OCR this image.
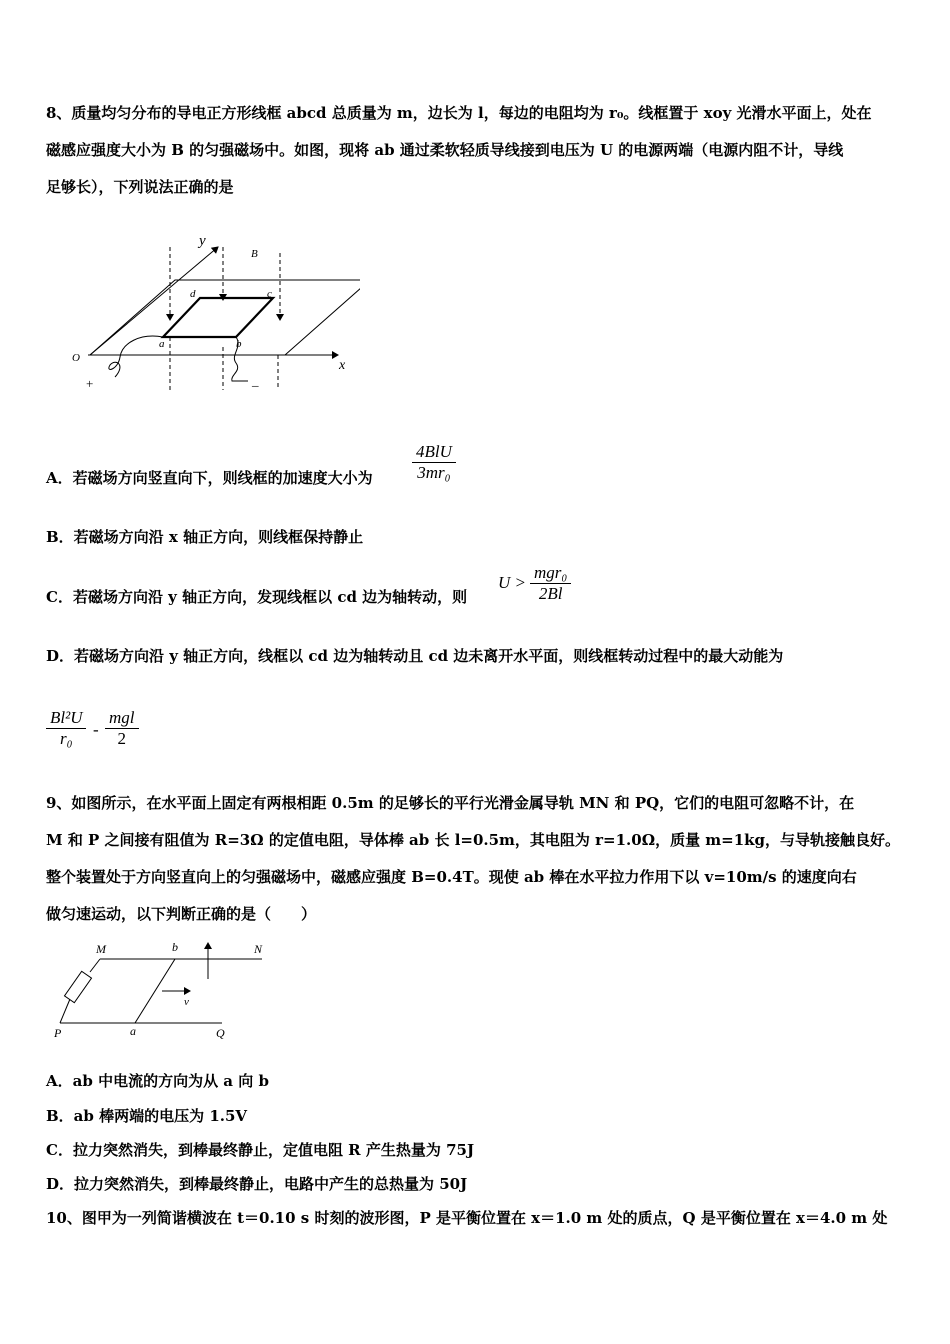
8、质量均匀分布的导电正方形线框 abcd 总质量为 m，边长为 l，每边的电阻均为 r₀。线框置于 xoy 光滑水平面上，处在
磁感应强度大小为 B 的匀强磁场中。如图，现将 ab 通过柔软轻质导线接到电压为 U 的电源两端（电源内阻不计，导线
足够长），下列说法正确的是
y
B
d	c
a	b
O	x
+	_
A．若磁场方向竖直向下，则线框的加速度大小为
4BlU
3mr₀
B．若磁场方向沿 x 轴正方向，则线框保持静止
C．若磁场方向沿 y 轴正方向，发现线框以 cd 边为轴转动，则
U >
mgr₀
2Bl
D．若磁场方向沿 y 轴正方向，线框以 cd 边为轴转动且 cd 边未离开水平面，则线框转动过程中的最大动能为
Bl²U
r₀	-
mgl
2
9、如图所示，在水平面上固定有两根相距 0.5m 的足够长的平行光滑金属导轨 MN 和 PQ，它们的电阻可忽略不计，在
M 和 P 之间接有阻值为 R=3Ω 的定值电阻，导体棒 ab 长 l=0.5m，其电阻为 r=1.0Ω，质量 m=1kg，与导轨接触良好。
整个装置处于方向竖直向上的匀强磁场中，磁感应强度 B=0.4T。现使 ab 棒在水平拉力作用下以 v=10m/s 的速度向右
做匀速运动，以下判断正确的是（　　）
M	b	N
v
P	a	Q
A．ab 中电流的方向为从 a 向 b
B．ab 棒两端的电压为 1.5V
C．拉力突然消失，到棒最终静止，定值电阻 R 产生热量为 75J
D．拉力突然消失，到棒最终静止，电路中产生的总热量为 50J
10、图甲为一列简谐横波在 t＝0.10 s 时刻的波形图，P 是平衡位置在 x＝1.0 m 处的质点，Q 是平衡位置在 x＝4.0 m 处
